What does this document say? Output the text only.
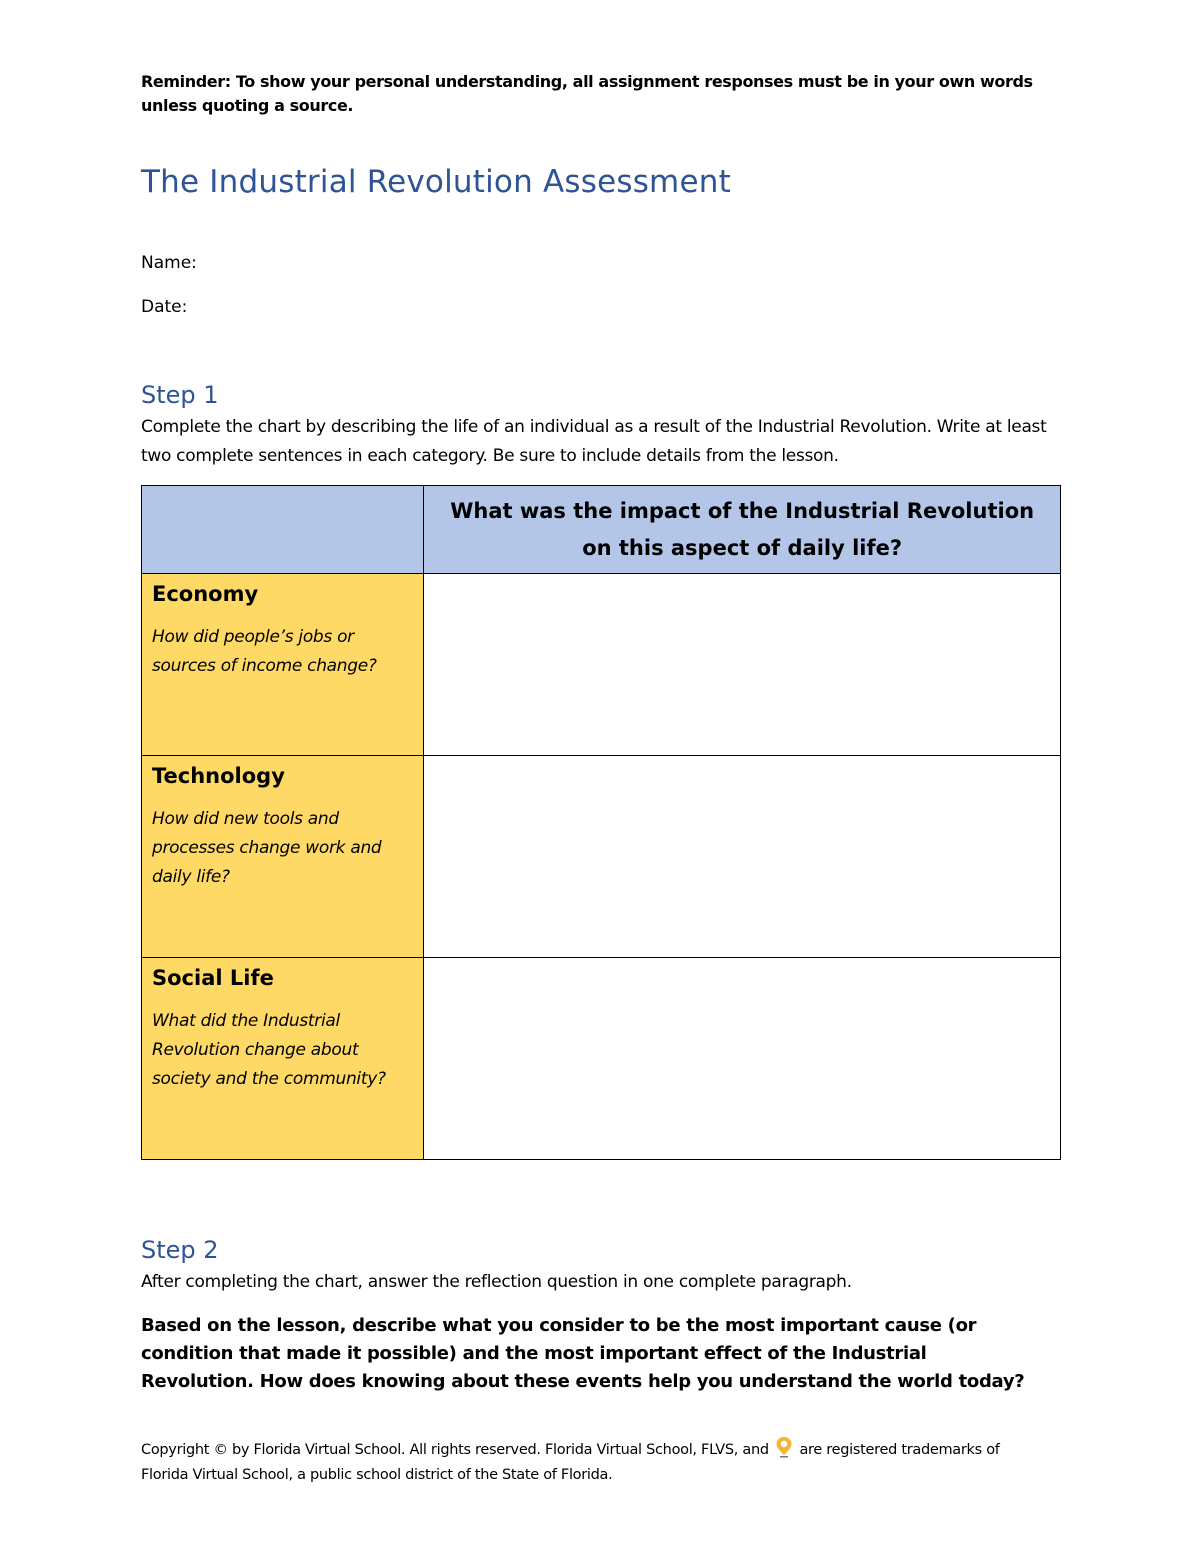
Reminder: To show your personal understanding, all assignment responses must be in your own words unless quoting a source.
The Industrial Revolution Assessment
Name:
Date:
Step 1
Complete the chart by describing the life of an individual as a result of the Industrial Revolution. Write at least two complete sentences in each category. Be sure to include details from the lesson.
	What was the impact of the Industrial Revolution on this aspect of daily life?

Economy
How did people’s jobs or sources of income change?	

Technology
How did new tools and processes change work and daily life?	

Social Life
What did the Industrial Revolution change about society and the community?	

Step 2
After completing the chart, answer the reflection question in one complete paragraph.
Based on the lesson, describe what you consider to be the most important cause (or condition that made it possible) and the most important effect of the Industrial Revolution. How does knowing about these events help you understand the world today?
Copyright © by Florida Virtual School. All rights reserved. Florida Virtual School, FLVS, and are registered trademarks of Florida Virtual School, a public school district of the State of Florida.
